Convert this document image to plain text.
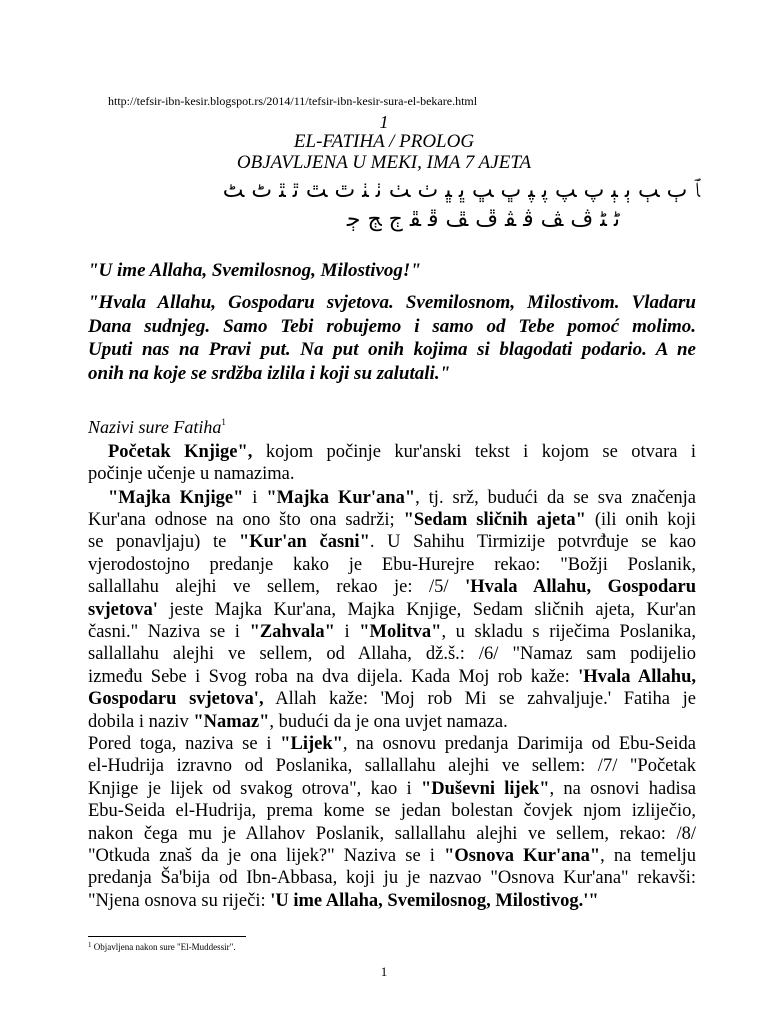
http://tefsir-ibn-kesir.blogspot.rs/2014/11/tefsir-ibn-kesir-sura-el-bekare.html
1
EL-FATIHA / PROLOG
OBJAVLJENA U MEKI, IMA 7 AJETA
ﭑ ﭒ ﭓ ﭔ ﭕ ﭖ ﭗ ﭘ ﭙ ﭚ ﭛ ﭜ ﭝ ﭞ ﭟ ﭠ ﭡ ﭢ ﭣ ﭤ ﭥ ﭦ ﭧ
ﭨ ﭩ ﭪ ﭫ ﭬ ﭭ ﭮ ﭯ ﭰ ﭱ ﭲ ﭳ ﭴ
"U ime Allaha, Svemilosnog, Milostivog!"
"Hvala Allahu, Gospodaru svjetova. Svemilosnom, Milostivom. Vladaru
Dana sudnjeg. Samo Tebi robujemo i samo od Tebe pomoć molimo.
Uputi nas na Pravi put. Na put onih kojima si blagodati podario. A ne
onih na koje se srdžba izlila i koji su zalutali."
Nazivi sure Fatiha$^1$
Početak Knjige", kojom počinje kur'anski tekst i kojom se otvara i
počinje učenje u namazima.
"Majka Knjige" i "Majka Kur'ana", tj. srž, budući da se sva značenja
Kur'ana odnose na ono što ona sadrži; "Sedam sličnih ajeta" (ili onih koji
se ponavljaju) te "Kur'an časni". U Sahihu Tirmizije potvrđuje se kao
vjerodostojno predanje kako je Ebu-Hurejre rekao: "Božji Poslanik,
sallallahu alejhi ve sellem, rekao je: /5/ 'Hvala Allahu, Gospodaru
svjetova' jeste Majka Kur'ana, Majka Knjige, Sedam sličnih ajeta, Kur'an
časni." Naziva se i "Zahvala" i "Molitva", u skladu s riječima Poslanika,
sallallahu alejhi ve sellem, od Allaha, dž.š.: /6/ "Namaz sam podijelio
između Sebe i Svog roba na dva dijela. Kada Moj rob kaže: 'Hvala Allahu,
Gospodaru svjetova', Allah kaže: 'Moj rob Mi se zahvaljuje.' Fatiha je
dobila i naziv "Namaz", budući da je ona uvjet namaza.
Pored toga, naziva se i "Lijek", na osnovu predanja Darimija od Ebu-Seida
el-Hudrija izravno od Poslanika, sallallahu alejhi ve sellem: /7/ "Početak
Knjige je lijek od svakog otrova", kao i "Duševni lijek", na osnovi hadisa
Ebu-Seida el-Hudrija, prema kome se jedan bolestan čovjek njom izliječio,
nakon čega mu je Allahov Poslanik, sallallahu alejhi ve sellem, rekao: /8/
"Otkuda znaš da je ona lijek?" Naziva se i "Osnova Kur'ana", na temelju
predanja Ša'bija od Ibn-Abbasa, koji ju je nazvao "Osnova Kur'ana" rekavši:
"Njena osnova su riječi: 'U ime Allaha, Svemilosnog, Milostivog.'"
$^1$ Objavljena nakon sure "El-Muddessir".
1
